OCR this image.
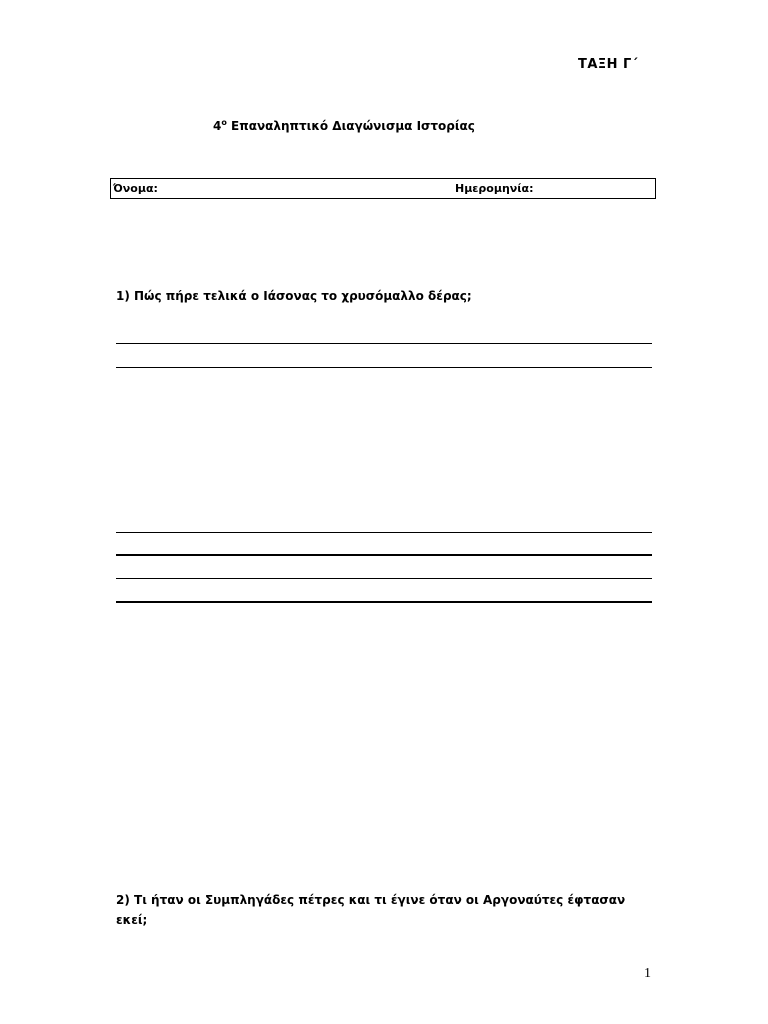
ΤΑΞΗ Γ΄
$4^o$ Επαναληπτικό Διαγώνισμα Ιστορίας
Όνομα:	Ημερομηνία:
1) Πώς πήρε τελικά ο Ιάσονας το χρυσόμαλλο δέρας;
2) Τι ήταν οι Συμπληγάδες πέτρες και τι έγινε όταν οι Αργοναύτες έφτασαν εκεί;
1
